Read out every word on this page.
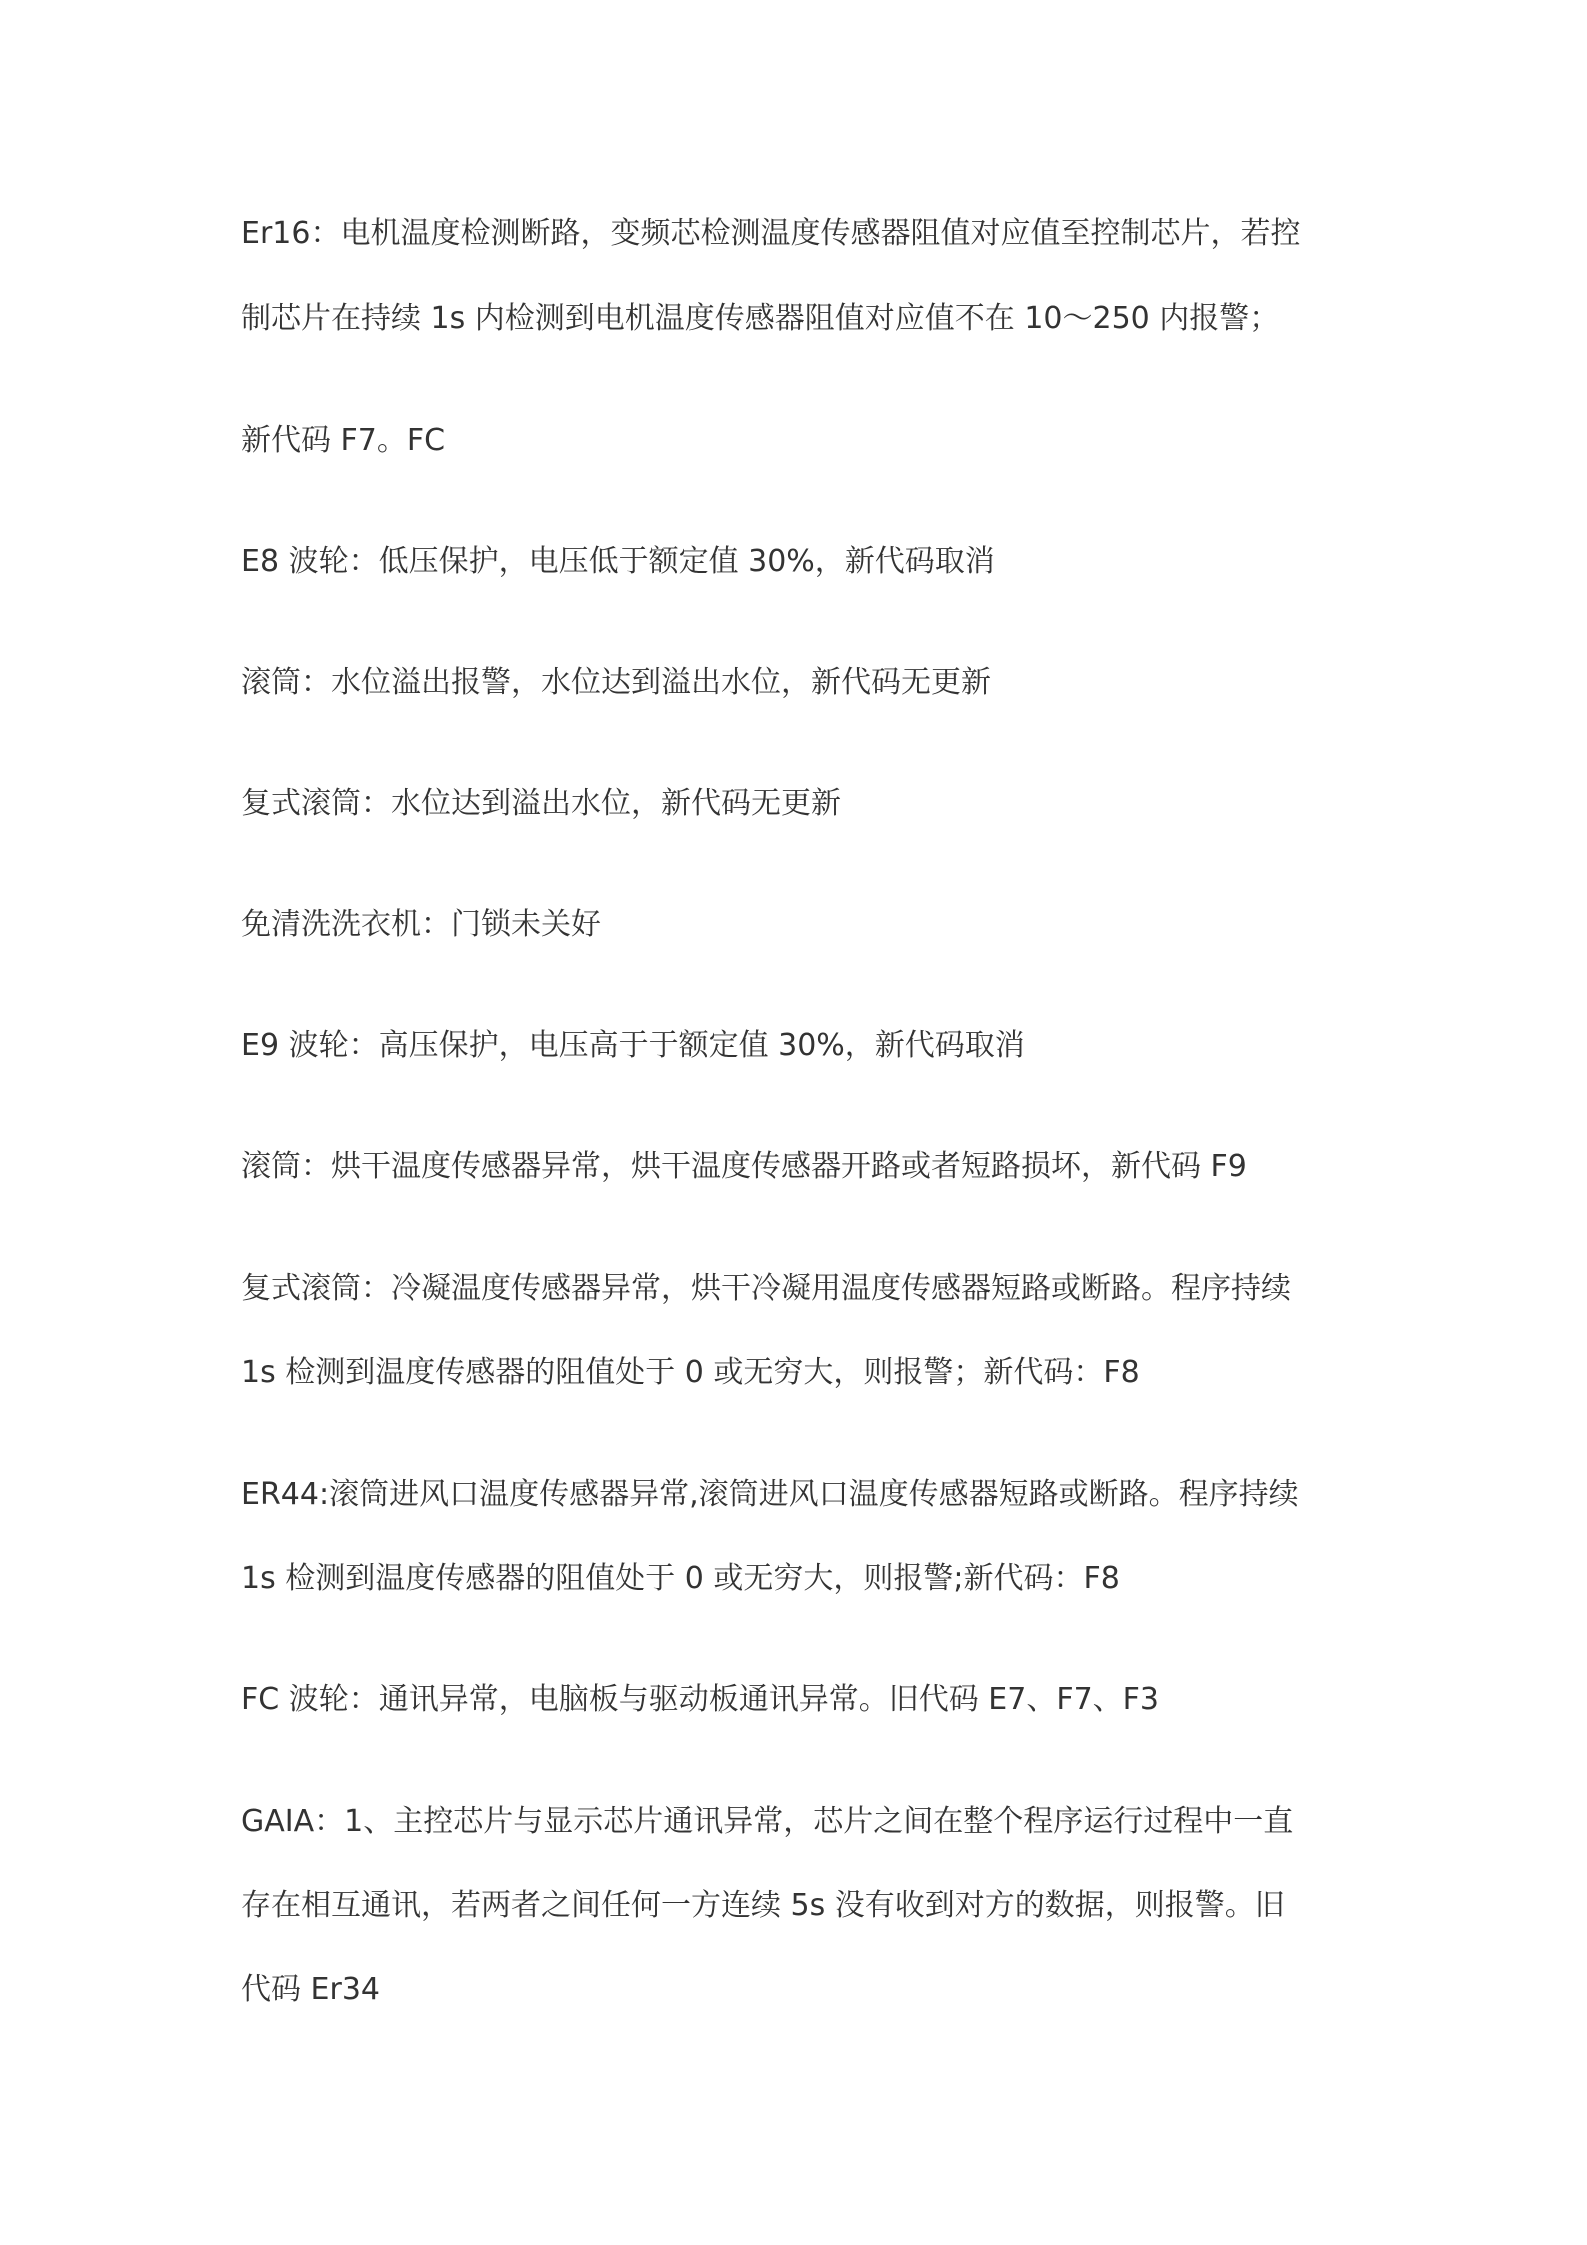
Er16：电机温度检测断路，变频芯检测温度传感器阻值对应值至控制芯片，若控
制芯片在持续 1s 内检测到电机温度传感器阻值对应值不在 10～250 内报警；
新代码 F7。FC
E8 波轮：低压保护，电压低于额定值 30%，新代码取消
滚筒：水位溢出报警，水位达到溢出水位，新代码无更新
复式滚筒：水位达到溢出水位，新代码无更新
免清洗洗衣机：门锁未关好
E9 波轮：高压保护，电压高于于额定值 30%，新代码取消
滚筒：烘干温度传感器异常，烘干温度传感器开路或者短路损坏，新代码 F9
复式滚筒：冷凝温度传感器异常，烘干冷凝用温度传感器短路或断路。程序持续
1s 检测到温度传感器的阻值处于 0 或无穷大，则报警；新代码：F8
ER44:滚筒进风口温度传感器异常,滚筒进风口温度传感器短路或断路。程序持续
1s 检测到温度传感器的阻值处于 0 或无穷大，则报警;新代码：F8
FC 波轮：通讯异常，电脑板与驱动板通讯异常。旧代码 E7、F7、F3
GAIA：1、主控芯片与显示芯片通讯异常，芯片之间在整个程序运行过程中一直
存在相互通讯，若两者之间任何一方连续 5s 没有收到对方的数据，则报警。旧
代码 Er34
